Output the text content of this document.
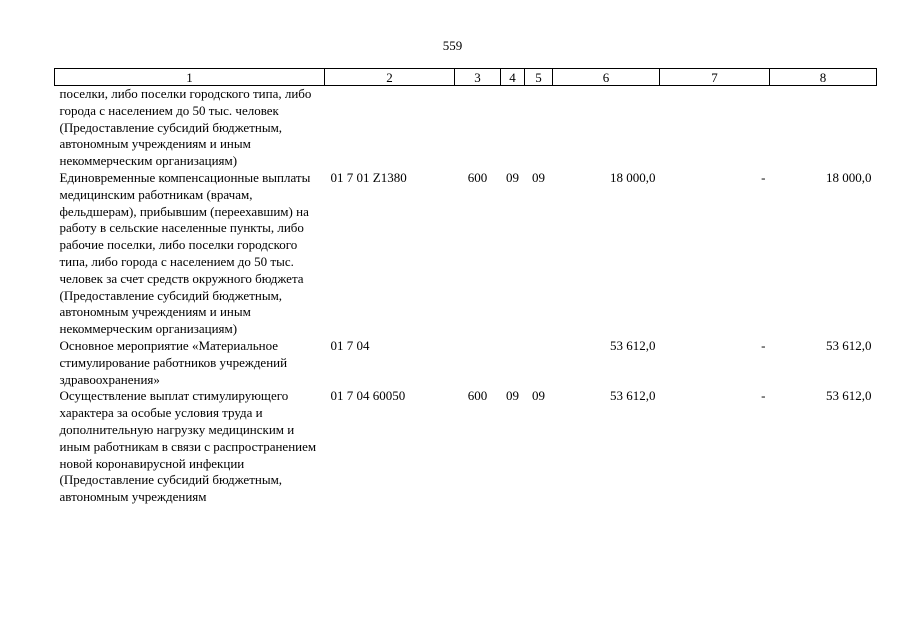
559
1	2	3	4	5	6	7	8
поселки, либо поселки городского типа, либо города с населением до 50 тыс. человек (Предоставление субсидий бюджетным, автономным учреждениям и иным некоммерческим организациям)							
Единовременные компенсационные выплаты медицинским работникам (врачам, фельдшерам), прибывшим (переехавшим) на работу в сельские населенные пункты, либо рабочие поселки, либо поселки городского типа, либо города с населением до 50 тыс. человек за счет средств окружного бюджета (Предоставление субсидий бюджетным, автономным учреждениям и иным некоммерческим организациям)	01 7 01 Z1380	600	09	09	18 000,0	-	18 000,0
Основное мероприятие «Материальное стимулирование работников учреждений здравоохранения»	01 7 04				53 612,0	-	53 612,0
Осуществление выплат стимулирующего характера за особые условия труда и дополнительную нагрузку медицинским и иным работникам в связи с распространением новой коронавирусной инфекции (Предоставление субсидий бюджетным, автономным учреждениям	01 7 04 60050	600	09	09	53 612,0	-	53 612,0
